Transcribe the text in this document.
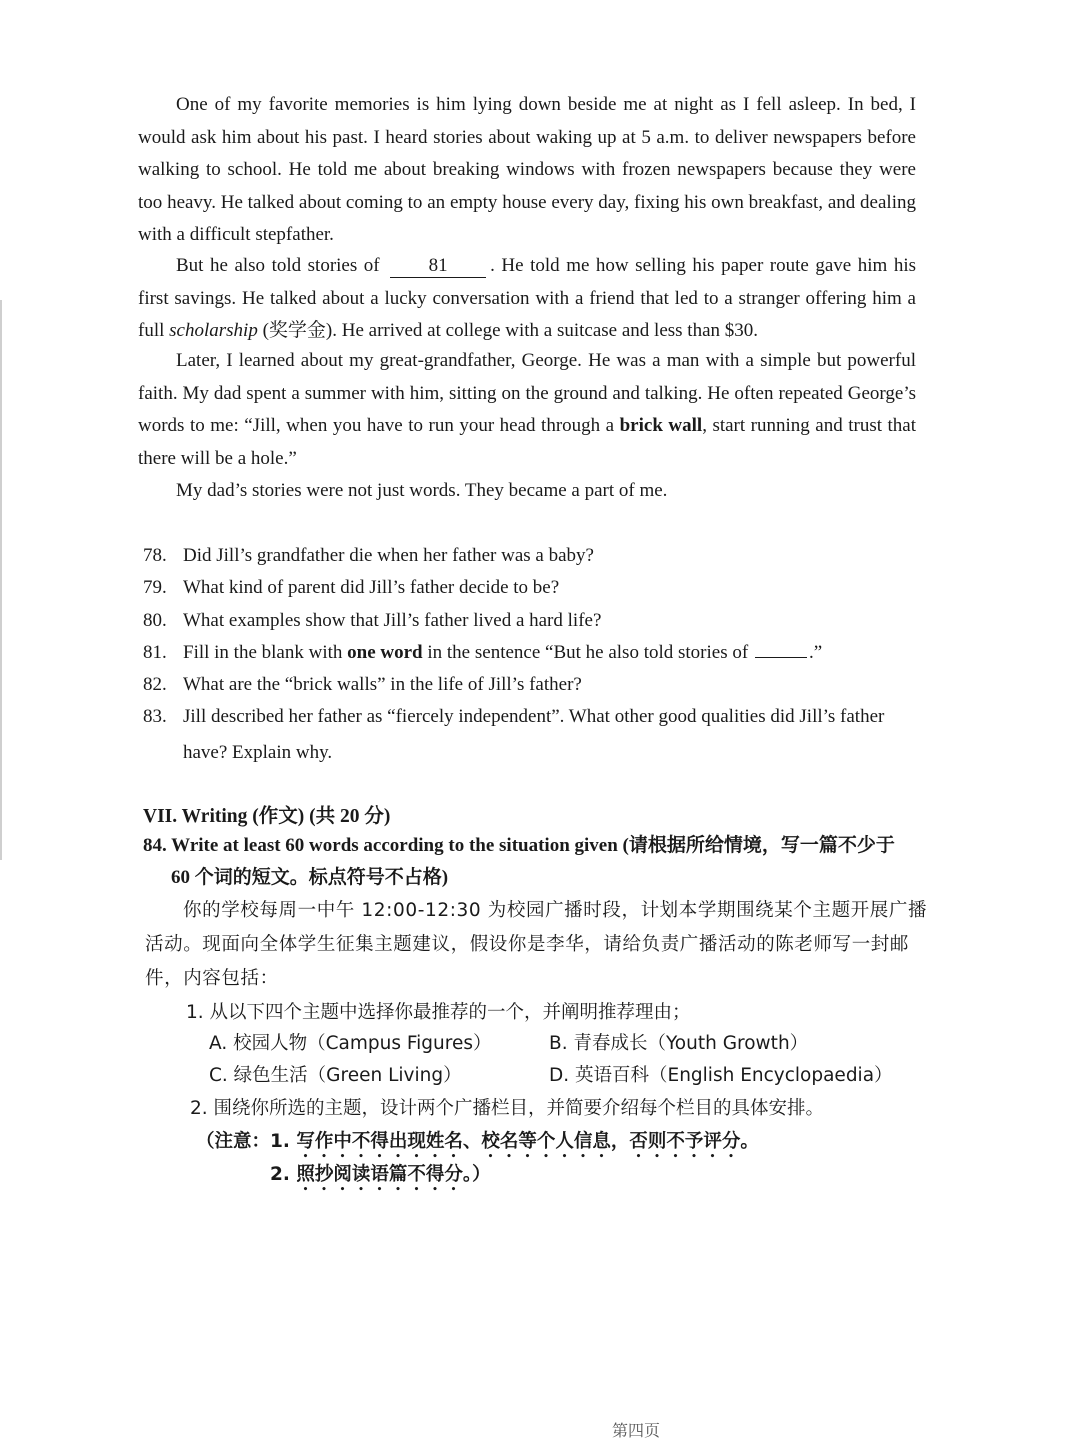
One of my favorite memories is him lying down beside me at night as I fell asleep. In bed, I would ask him about his past. I heard stories about waking up at 5 a.m. to deliver newspapers before walking to school. He told me about breaking windows with frozen newspapers because they were too heavy. He talked about coming to an empty house every day, fixing his own breakfast, and dealing with a difficult stepfather.

But he also told stories of	81 . He told me how selling his paper route gave him his first savings. He talked about a lucky conversation with a friend that led to a stranger offering him a full scholarship (奖学金). He arrived at college with a suitcase and less than $30.

Later, I learned about my great-grandfather, George. He was a man with a simple but powerful faith. My dad spent a summer with him, sitting on the ground and talking. He often repeated George’s words to me: “Jill, when you have to run your head through a brick wall, start running and trust that there will be a hole.”

My dad’s stories were not just words. They became a part of me.

78. Did Jill’s grandfather die when her father was a baby?
79. What kind of parent did Jill’s father decide to be?
80. What examples show that Jill’s father lived a hard life?
81. Fill in the blank with one word in the sentence “But he also told stories of	.”
82. What are the “brick walls” in the life of Jill’s father?
83. Jill described her father as “fiercely independent”. What other good qualities did Jill’s father
have? Explain why.
VII. Writing (作文) (共 20 分)
84. Write at least 60 words according to the situation given (请根据所给情境，写一篇不少于
60 个词的短文。标点符号不占格)
你的学校每周一中午 12:00-12:30 为校园广播时段，计划本学期围绕某个主题开展广播活动。现面向全体学生征集主题建议，假设你是李华，请给负责广播活动的陈老师写一封邮件，内容包括：
1. 从以下四个主题中选择你最推荐的一个，并阐明推荐理由；
A. 校园人物（Campus Figures）	B. 青春成长（Youth Growth）
C. 绿色生活（Green Living）	D. 英语百科（English Encyclopaedia）
2. 围绕你所选的主题，设计两个广播栏目，并简要介绍每个栏目的具体安排。
（注意：1. 写作中不得出现姓名、校名等个人信息，否则不予评分。
2. 照抄阅读语篇不得分。）
第四页
